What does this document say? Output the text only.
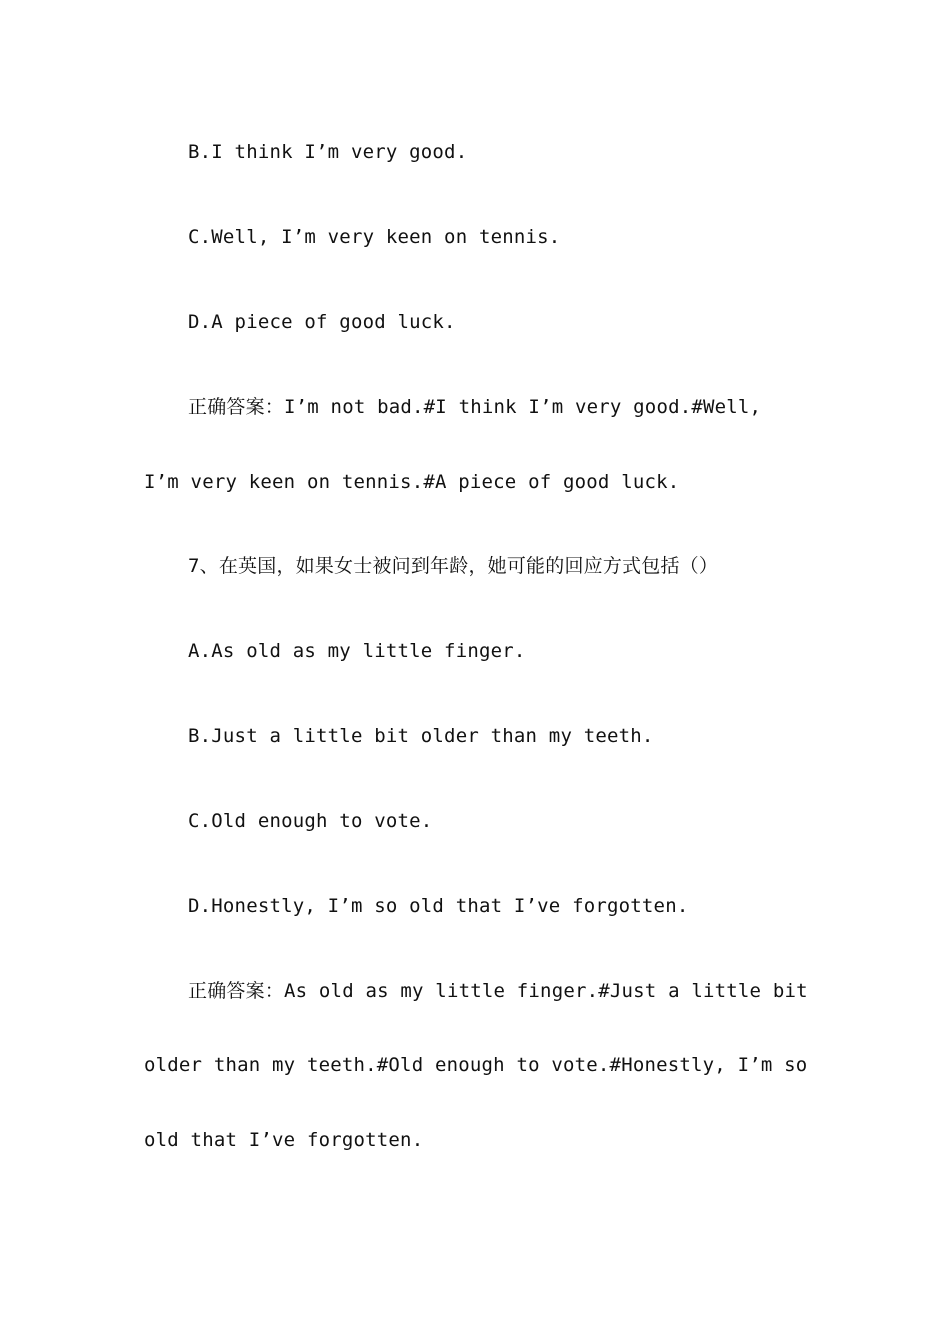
B.I think I’m very good.
C.Well, I’m very keen on tennis.
D.A piece of good luck.
正确答案：I’m not bad.#I think I’m very good.#Well,
I’m very keen on tennis.#A piece of good luck.
7、在英国，如果女士被问到年龄，她可能的回应方式包括（）
A.As old as my little finger.
B.Just a little bit older than my teeth.
C.Old enough to vote.
D.Honestly, I’m so old that I’ve forgotten.
正确答案：As old as my little finger.#Just a little bit
older than my teeth.#Old enough to vote.#Honestly, I’m so
old that I’ve forgotten.
